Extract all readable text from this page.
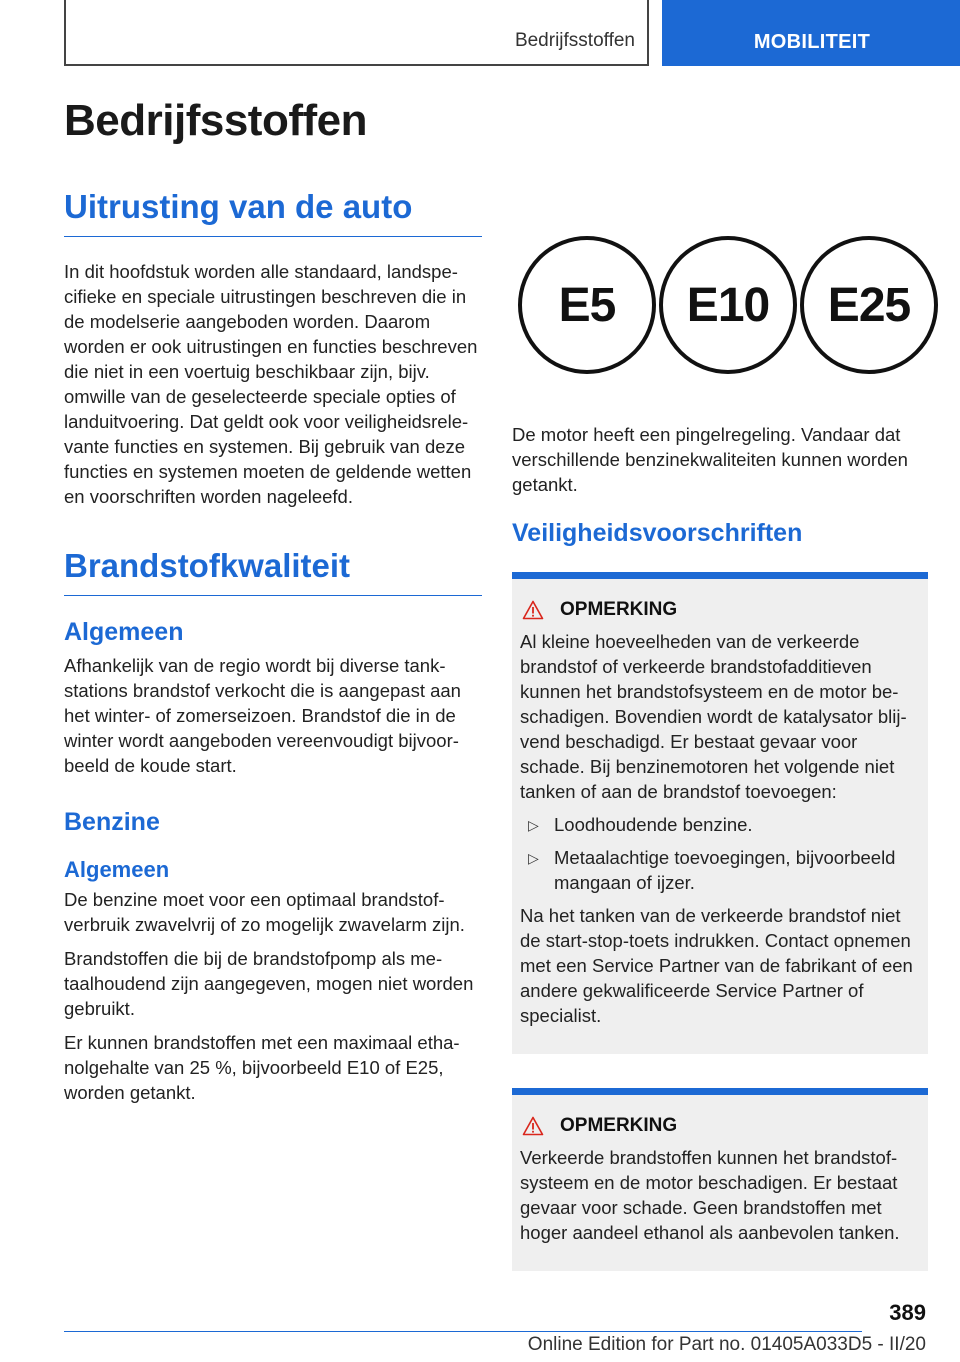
Bedrijfsstoffen	MOBILITEIT
Bedrijfsstoffen
Uitrusting van de auto

In dit hoofdstuk worden alle standaard, landspecifieke en speciale uitrustingen beschreven die in de modelserie aangeboden worden. Daarom worden er ook uitrustingen en functies beschreven die niet in een voertuig beschikbaar zijn, bijv. omwille van de geselecteerde speciale opties of landuitvoering. Dat geldt ook voor veiligheidsrelevante functies en systemen. Bij gebruik van deze functies en systemen moeten de geldende wetten en voorschriften worden nageleefd.

Brandstofkwaliteit
Algemeen

Afhankelijk van de regio wordt bij diverse tankstations brandstof verkocht die is aangepast aan het winter- of zomerseizoen. Brandstof die in de winter wordt aangeboden vereenvoudigt bijvoorbeeld de koude start.

Benzine
Algemeen

De benzine moet voor een optimaal brandstofverbruik zwavelvrij of zo mogelijk zwavelarm zijn.

Brandstoffen die bij de brandstofpomp als metaalhoudend zijn aangegeven, mogen niet worden gebruikt.

Er kunnen brandstoffen met een maximaal ethanolgehalte van 25 %, bijvoorbeeld E10 of E25, worden getankt.

E5	E10	E25

De motor heeft een pingelregeling. Vandaar dat verschillende benzinekwaliteiten kunnen worden getankt.

Veiligheidsvoorschriften
OPMERKING

Al kleine hoeveelheden van de verkeerde brandstof of verkeerde brandstofadditieven kunnen het brandstofsysteem en de motor beschadigen. Bovendien wordt de katalysator blijvend beschadigd. Er bestaat gevaar voor schade. Bij benzinemotoren het volgende niet tanken of aan de brandstof toevoegen:

▷ Loodhoudende benzine.
▷ Metaalachtige toevoegingen, bijvoorbeeld mangaan of ijzer.

Na het tanken van de verkeerde brandstof niet de start-stop-toets indrukken. Contact opnemen met een Service Partner van de fabrikant of een andere gekwalificeerde Service Partner of specialist.

OPMERKING

Verkeerde brandstoffen kunnen het brandstofsysteem en de motor beschadigen. Er bestaat gevaar voor schade. Geen brandstoffen met hoger aandeel ethanol als aanbevolen tanken.

389
Online Edition for Part no. 01405A033D5 - II/20
